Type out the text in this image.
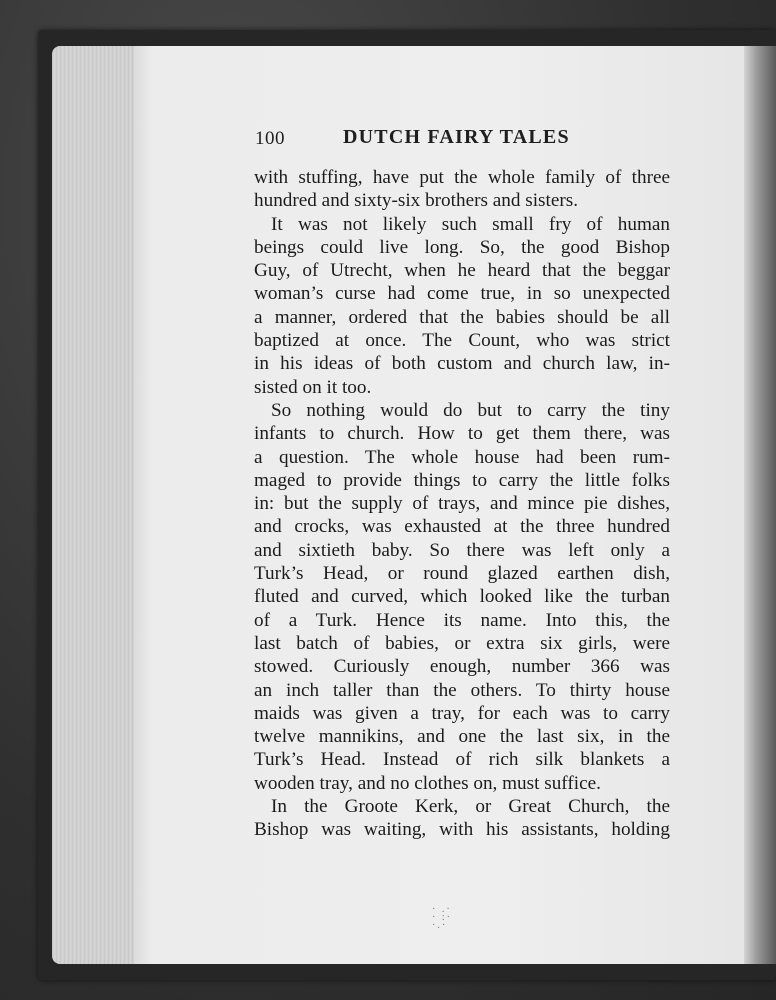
100	DUTCH FAIRY TALES
with stuffing, have put the whole family of three
hundred and sixty-six brothers and sisters.
It was not likely such small fry of human
beings could live long. So, the good Bishop
Guy, of Utrecht, when he heard that the beggar
woman’s curse had come true, in so unexpected
a manner, ordered that the babies should be all
baptized at once. The Count, who was strict
in his ideas of both custom and church law, in-
sisted on it too.
So nothing would do but to carry the tiny
infants to church. How to get them there, was
a question. The whole house had been rum-
maged to provide things to carry the little folks
in: but the supply of trays, and mince pie dishes,
and crocks, was exhausted at the three hundred
and sixtieth baby. So there was left only a
Turk’s Head, or round glazed earthen dish,
fluted and curved, which looked like the turban
of a Turk. Hence its name. Into this, the
last batch of babies, or extra six girls, were
stowed. Curiously enough, number 366 was
an inch taller than the others. To thirty house
maids was given a tray, for each was to carry
twelve mannikins, and one the last six, in the
Turk’s Head. Instead of rich silk blankets a
wooden tray, and no clothes on, must suffice.
In the Groote Kerk, or Great Church, the
Bishop was waiting, with his assistants, holding
· .·
· :·
·.·
